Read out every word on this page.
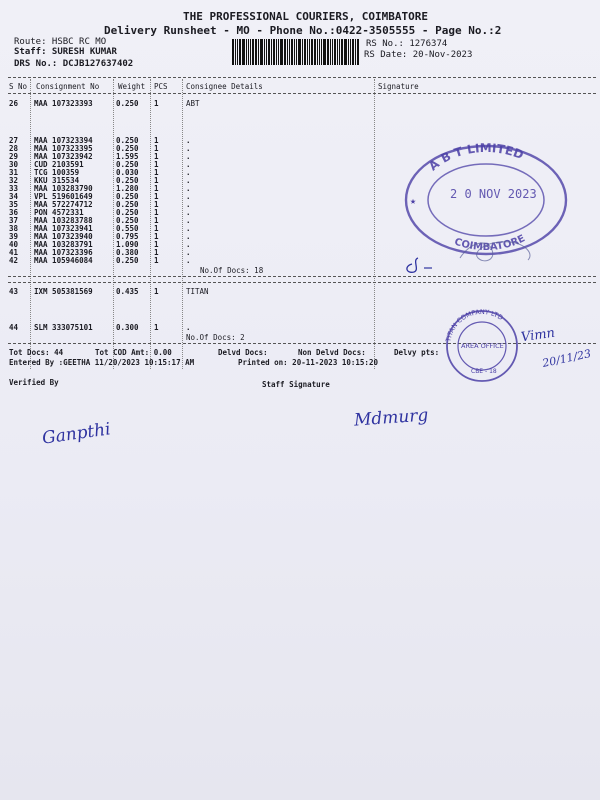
THE PROFESSIONAL COURIERS, COIMBATORE
Delivery Runsheet - MO - Phone No.:0422-3505555 - Page No.:2
Route: HSBC RC MO
Staff: SURESH KUMAR
DRS No.: DCJB127637402
RS No.: 1276374
RS Date: 20-Nov-2023
S No Consignment No	Weight PCS Consignee Details	Signature
26 MAA 107323393	0.250 1	ABT
27 MAA 107323394	0.250 1	.
28 MAA 107323395	0.250 1	.
29 MAA 107323942	1.595 1	.
30 CUD 2103591	0.250 1	.
31 TCG 100359	0.030 1	.
32 KKU 315534	0.250 1	.
33 MAA 103283790	1.280 1	.
34 VPL 519601649	0.250 1	.
35 MAA 572274712	0.250 1	.
36 PON 4572331	0.250 1	.
37 MAA 103283788	0.250 1	.
38 MAA 107323941	0.550 1	.
39 MAA 107323940	0.795 1	.
40 MAA 103283791	1.090 1	.
41 MAA 107323396	0.380 1	.
42 MAA 105946084	0.250 1	.
No.Of Docs: 18
43 IXM 505381569	0.435 1	TITAN
44 SLM 333075101	0.300 1	.
No.Of Docs: 2
Tot Docs: 44	Tot COD Amt: 0.00	Delvd Docs:	Non Delvd Docs:	Delvy pts:
Entered By :GEETHA 11/20/2023 10:15:17 AM	Printed on: 20-11-2023 10:15:20
Verified By	Staff Signature
A B T LIMITED
2 0 NOV 2023
COIMBATORE
★
TITAN COMPANY LTD
AREA OFFICE
CBE - 18
Vimn
20/11/23
Ganpthi
Mdmurg
